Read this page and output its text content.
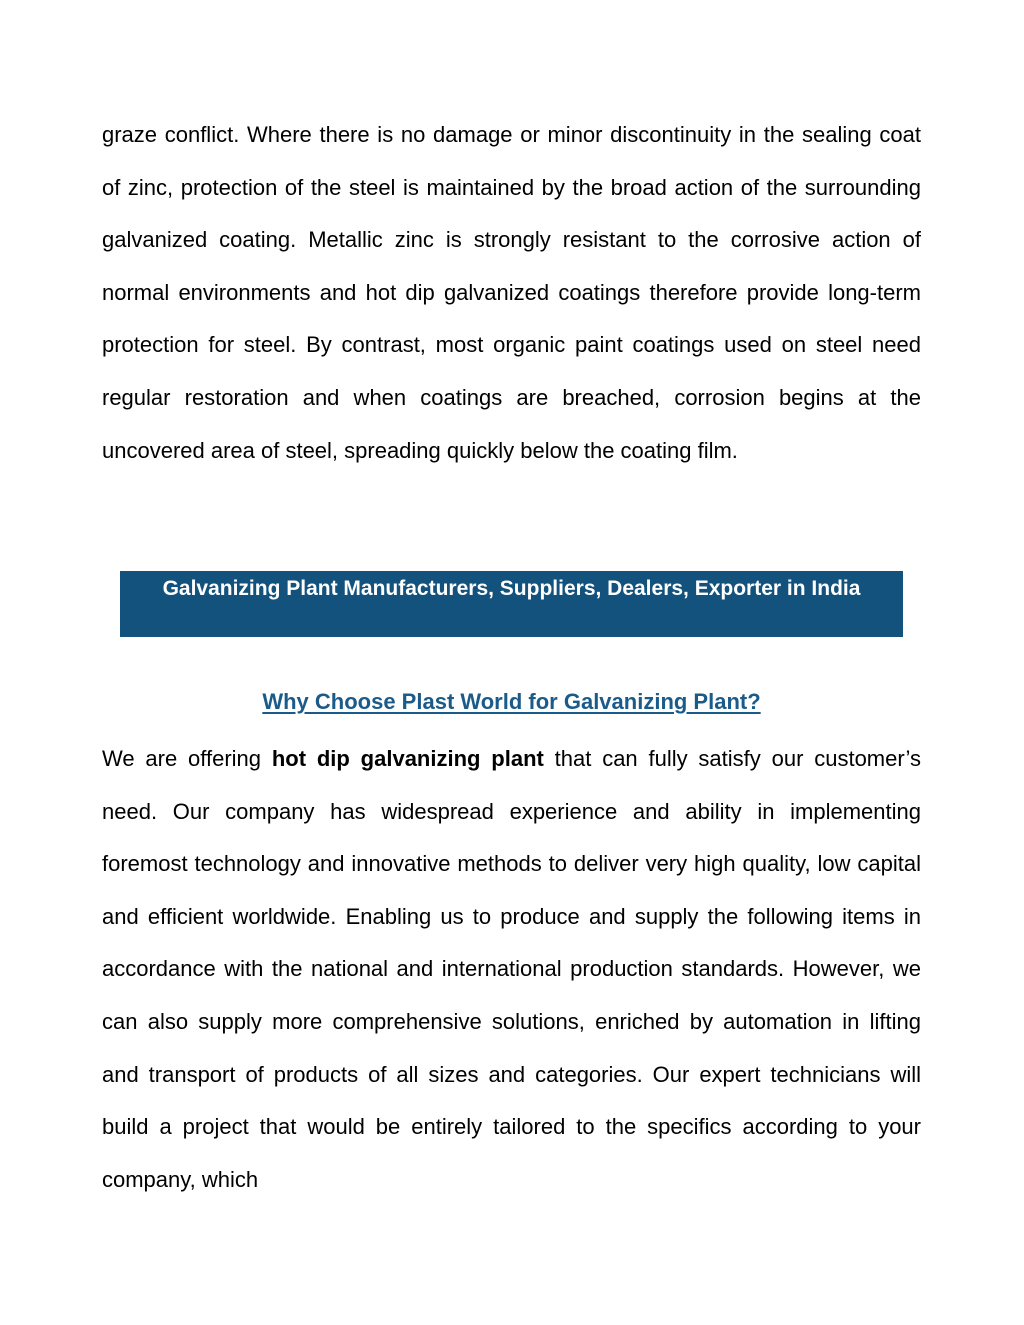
graze conflict. Where there is no damage or minor discontinuity in the sealing coat of zinc, protection of the steel is maintained by the broad action of the surrounding galvanized coating. Metallic zinc is strongly resistant to the corrosive action of normal environments and hot dip galvanized coatings therefore provide long-term protection for steel. By contrast, most organic paint coatings used on steel need regular restoration and when coatings are breached, corrosion begins at the uncovered area of steel, spreading quickly below the coating film.

Galvanizing Plant Manufacturers, Suppliers, Dealers, Exporter in India
Why Choose Plast World for Galvanizing Plant?

We are offering hot dip galvanizing plant that can fully satisfy our customer’s need. Our company has widespread experience and ability in implementing foremost technology and innovative methods to deliver very high quality, low capital and efficient worldwide. Enabling us to produce and supply the following items in accordance with the national and international production standards. However, we can also supply more comprehensive solutions, enriched by automation in lifting and transport of products of all sizes and categories. Our expert technicians will build a project that would be entirely tailored to the specifics according to your company, which
